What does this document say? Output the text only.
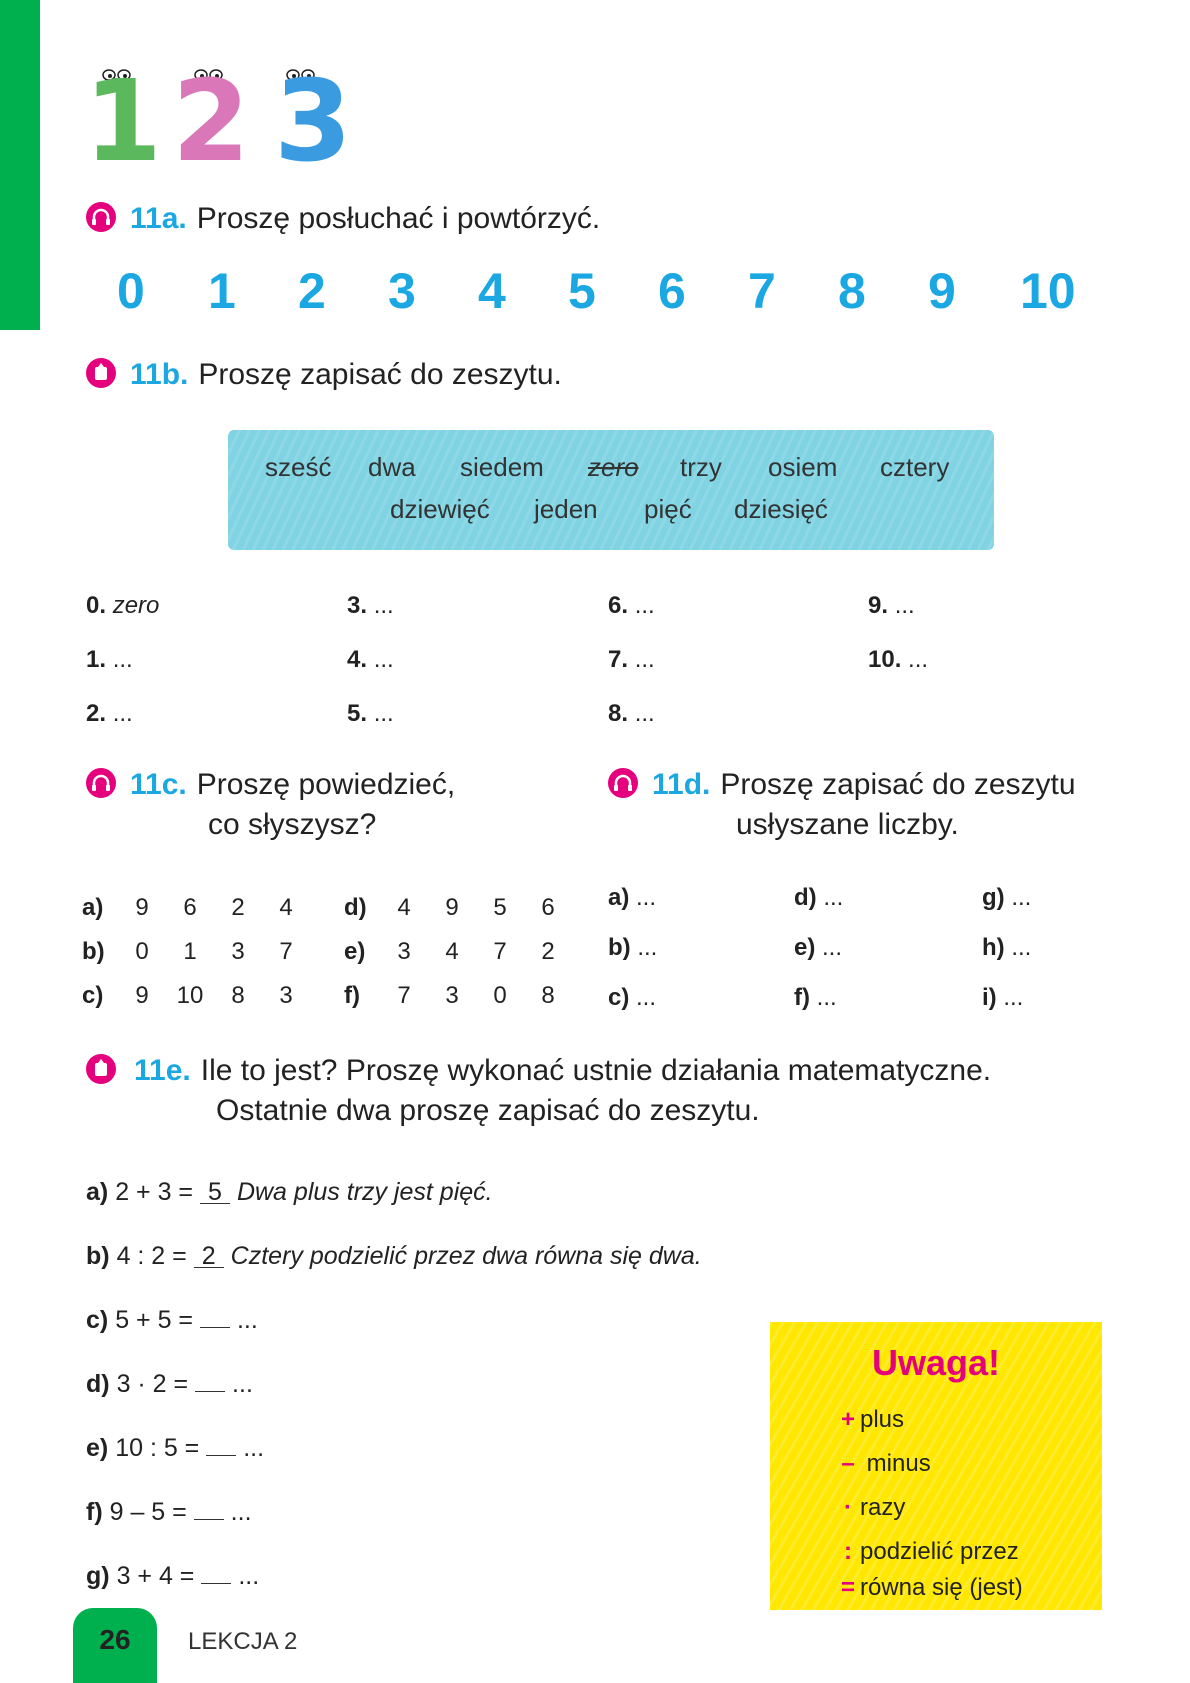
1 2 3
11a. Proszę posłuchać i powtórzyć.
0 1 2 3 4 5 6 7 8 9 10
11b. Proszę zapisać do zeszytu.
sześć dwa siedem zero trzy osiem cztery
dziewięć jeden pięć dziesięć
0. zero
1. ...
2. ...
3. ...
4. ...
5. ...
6. ...
7. ...
8. ...
9. ...
10. ...
11c. Proszę powiedzieć,
co słyszysz?
11d. Proszę zapisać do zeszytu
usłyszane liczby.
a)	9	6	2	4
b)	0	1	3	7
c)	9	10	8	3
d)	4	9	5	6
e)	3	4	7	2
f)	7	3	0	8
a) ...
b) ...
c) ...
d) ...
e) ...
f) ...
g) ...
h) ...
i) ...
11e. Ile to jest? Proszę wykonać ustnie działania matematyczne.
Ostatnie dwa proszę zapisać do zeszytu.
a) 2 + 3 = 5 Dwa plus trzy jest pięć.
b) 4 : 2 = 2 Cztery podzielić przez dwa równa się dwa.
c) 5 + 5 = ...
d) 3 · 2 = ...
e) 10 : 5 = ...
f) 9 – 5 = ...
g) 3 + 4 = ...
Uwaga!
+ plus
– minus
· razy
: podzielić przez
= równa się (jest)
26	LEKCJA 2
